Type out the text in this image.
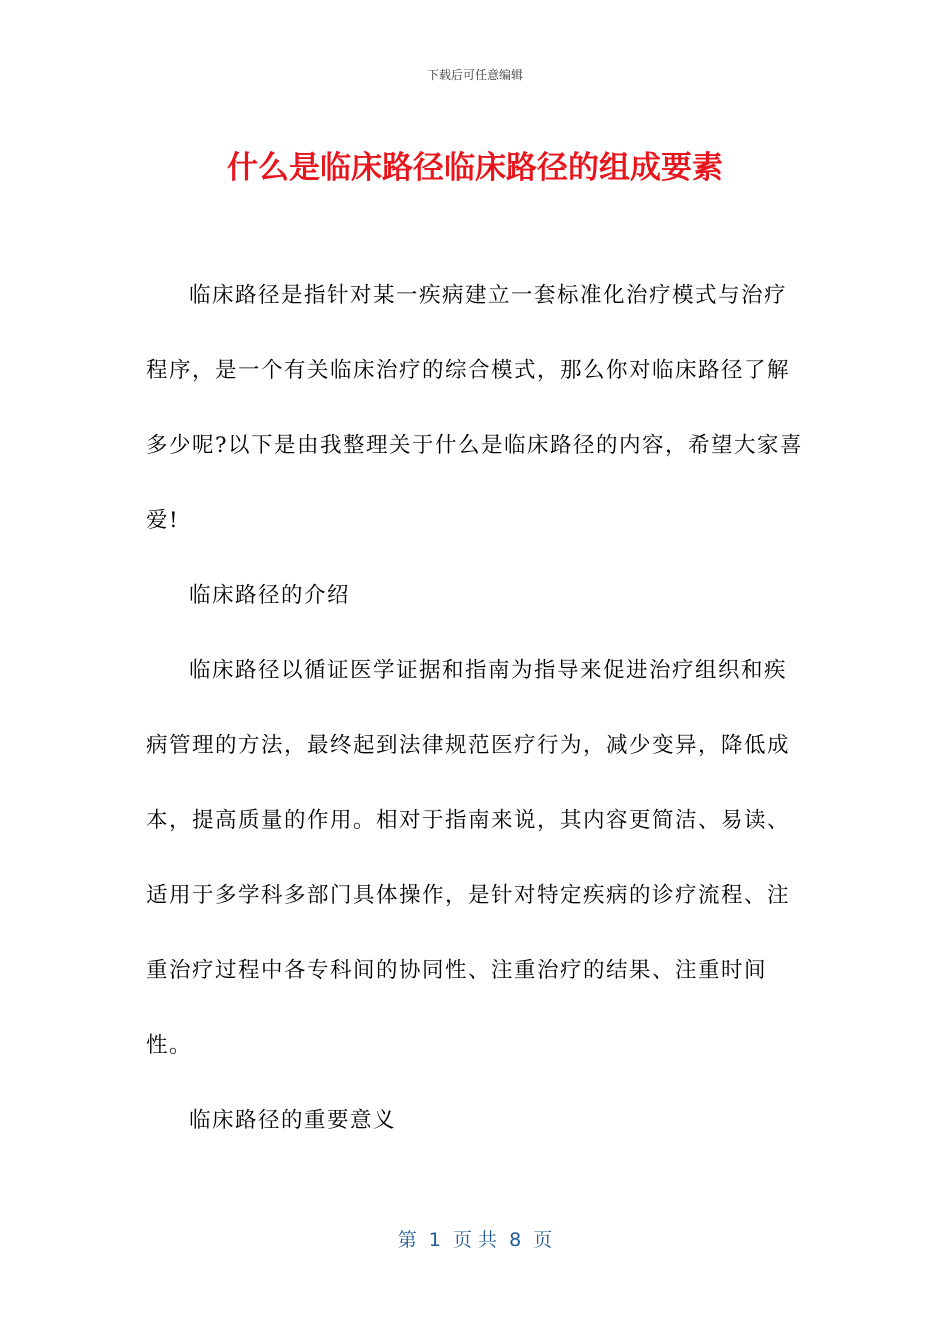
下载后可任意编辑
什么是临床路径临床路径的组成要素

临床路径是指针对某一疾病建立一套标准化治疗模式与治疗程序，是一个有关临床治疗的综合模式，那么你对临床路径了解多少呢?以下是由我整理关于什么是临床路径的内容，希望大家喜爱!

临床路径的介绍

临床路径以循证医学证据和指南为指导来促进治疗组织和疾病管理的方法，最终起到法律规范医疗行为，减少变异，降低成本，提高质量的作用。相对于指南来说，其内容更简洁、易读、适用于多学科多部门具体操作，是针对特定疾病的诊疗流程、注重治疗过程中各专科间的协同性、注重治疗的结果、注重时间性。

临床路径的重要意义

第  1  页 共  8  页
